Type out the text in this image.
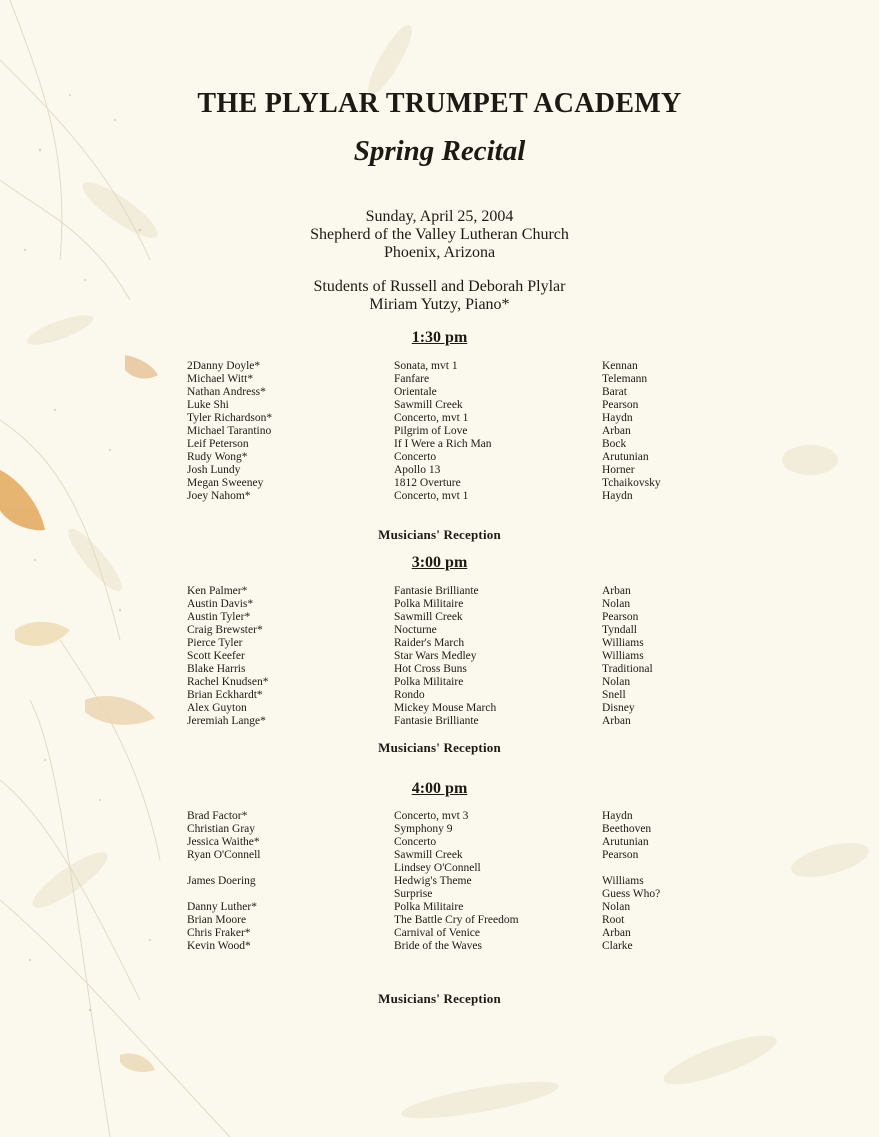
THE PLYLAR TRUMPET ACADEMY
Spring Recital
Sunday, April 25, 2004
Shepherd of the Valley Lutheran Church
Phoenix, Arizona
Students of Russell and Deborah Plylar
Miriam Yutzy, Piano*
1:30 pm
2Danny Doyle*
Michael Witt*
Nathan Andress*
Luke Shi
Tyler Richardson*
Michael Tarantino
Leif Peterson
Rudy Wong*
Josh Lundy
Megan Sweeney
Joey Nahom*
Sonata, mvt 1
Fanfare
Orientale
Sawmill Creek
Concerto, mvt 1
Pilgrim of Love
If I Were a Rich Man
Concerto
Apollo 13
1812 Overture
Concerto, mvt 1
Kennan
Telemann
Barat
Pearson
Haydn
Arban
Bock
Arutunian
Horner
Tchaikovsky
Haydn
Musicians' Reception
3:00 pm
Ken Palmer*
Austin Davis*
Austin Tyler*
Craig Brewster*
Pierce Tyler
Scott Keefer
Blake Harris
Rachel Knudsen*
Brian Eckhardt*
Alex Guyton
Jeremiah Lange*
Fantasie Brilliante
Polka Militaire
Sawmill Creek
Nocturne
Raider's March
Star Wars Medley
Hot Cross Buns
Polka Militaire
Rondo
Mickey Mouse March
Fantasie Brilliante
Arban
Nolan
Pearson
Tyndall
Williams
Williams
Traditional
Nolan
Snell
Disney
Arban
Musicians' Reception
4:00 pm
Brad Factor*
Christian Gray
Jessica Waithe*
Ryan O'Connell
James Doering
Danny Luther*
Brian Moore
Chris Fraker*
Kevin Wood*
Concerto, mvt 3
Symphony 9
Concerto
Sawmill Creek
Lindsey O'Connell
Hedwig's Theme
Surprise
Polka Militaire
The Battle Cry of Freedom
Carnival of Venice
Bride of the Waves
Haydn
Beethoven
Arutunian
Pearson
Williams
Guess Who?
Nolan
Root
Arban
Clarke
Musicians' Reception
